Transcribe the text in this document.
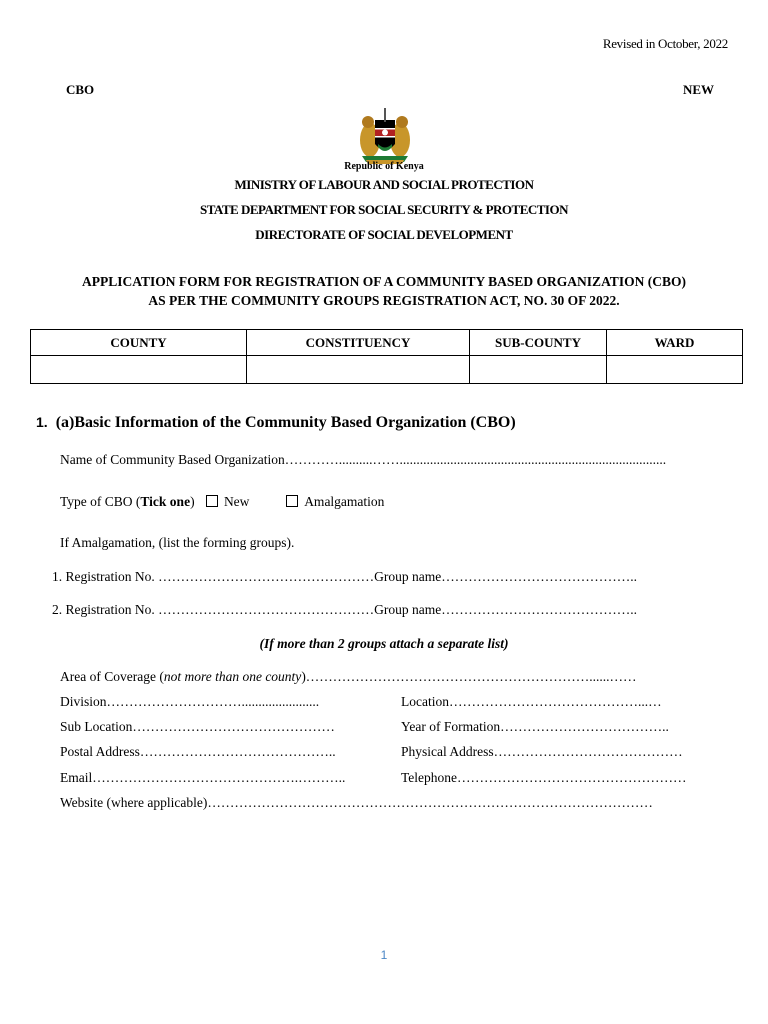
Revised in October, 2022
CBO	NEW
Republic of Kenya
MINISTRY OF LABOUR AND SOCIAL PROTECTION
STATE DEPARTMENT FOR SOCIAL SECURITY & PROTECTION
DIRECTORATE OF SOCIAL DEVELOPMENT
APPLICATION FORM FOR REGISTRATION OF A COMMUNITY BASED ORGANIZATION (CBO)
AS PER THE COMMUNITY GROUPS REGISTRATION ACT, NO. 30 OF 2022.
COUNTY	CONSTITUENCY	SUB-COUNTY	WARD

1. (a)Basic Information of the Community Based Organization (CBO)
Name of Community Based Organization…………..........……...............................................................................
Type of CBO (Tick one) New	Amalgamation
If Amalgamation, (list the forming groups).
1. Registration No. …………………………………………Group name……………………………………..
2. Registration No. …………………………………………Group name……………………………………..
(If more than 2 groups attach a separate list)
Area of Coverage (not more than one county)………………………………………………………......……
Division………………………….......................	Location……………………………………...…
Sub Location………………………………………	Year of Formation………………………………..
Postal Address……………………………………..	Physical Address……………………………………
Email……………………………………….………..	Telephone……………………………………………
Website (where applicable)………………………………………………………………………………………
1
